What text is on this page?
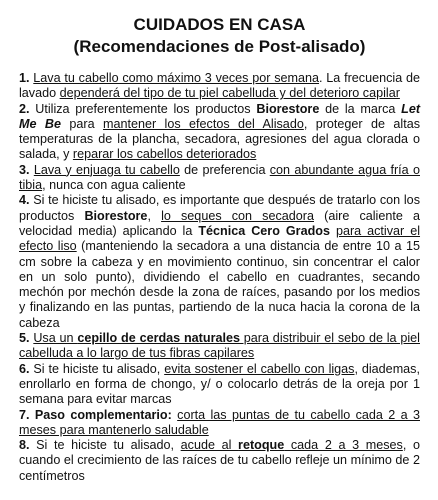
CUIDADOS EN CASA
(Recomendaciones de Post-alisado)

1. Lava tu cabello como máximo 3 veces por semana. La frecuencia de lavado dependerá del tipo de tu piel cabelluda y del deterioro capilar

2. Utiliza preferentemente los productos Biorestore de la marca Let Me Be para mantener los efectos del Alisado, proteger de altas temperaturas de la plancha, secadora, agresiones del agua clorada o salada, y reparar los cabellos deteriorados

3. Lava y enjuaga tu cabello de preferencia con abundante agua fría o tibia, nunca con agua caliente

4. Si te hiciste tu alisado, es importante que después de tratarlo con los productos Biorestore, lo seques con secadora (aire caliente a velocidad media) aplicando la Técnica Cero Grados para activar el efecto liso (manteniendo la secadora a una distancia de entre 10 a 15 cm sobre la cabeza y en movimiento continuo, sin concentrar el calor en un solo punto), dividiendo el cabello en cuadrantes, secando mechón por mechón desde la zona de raíces, pasando por los medios y finalizando en las puntas, partiendo de la nuca hacia la corona de la cabeza

5. Usa un cepillo de cerdas naturales para distribuir el sebo de la piel cabelluda a lo largo de tus fibras capilares

6. Si te hiciste tu alisado, evita sostener el cabello con ligas, diademas, enrollarlo en forma de chongo, y/ o colocarlo detrás de la oreja por 1 semana para evitar marcas

7. Paso complementario: corta las puntas de tu cabello cada 2 a 3 meses para mantenerlo saludable

8. Si te hiciste tu alisado, acude al retoque cada 2 a 3 meses, o cuando el crecimiento de las raíces de tu cabello refleje un mínimo de 2 centímetros
